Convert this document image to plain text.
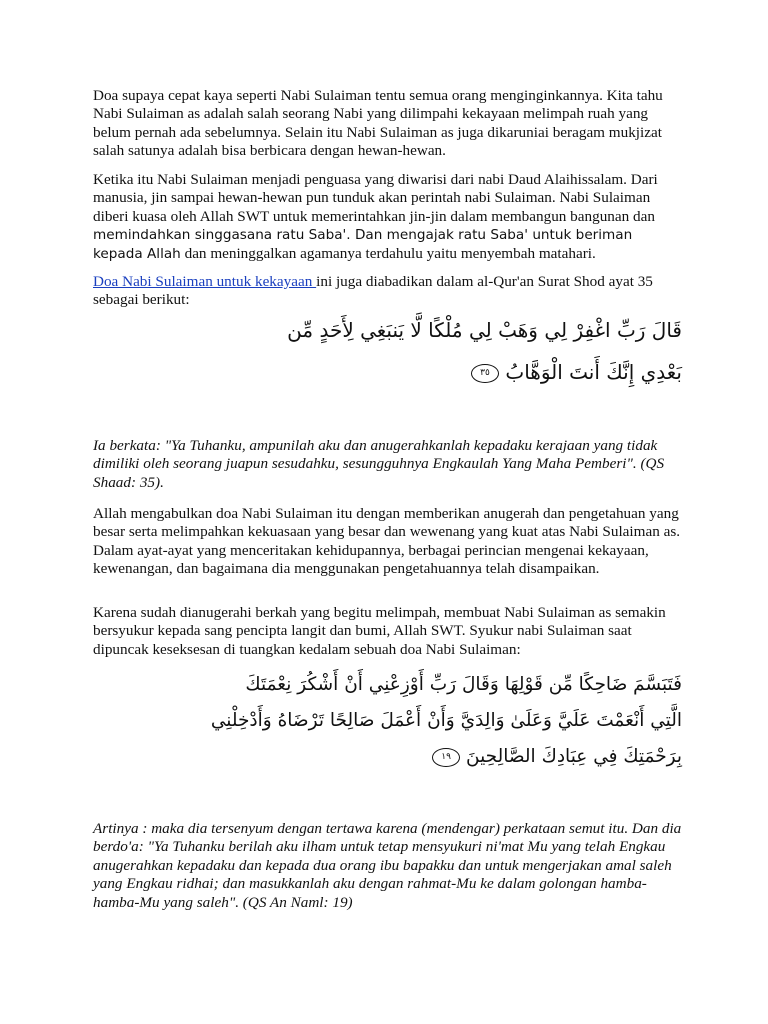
Doa supaya cepat kaya seperti Nabi Sulaiman tentu semua orang menginginkannya. Kita tahu Nabi Sulaiman as adalah salah seorang Nabi yang dilimpahi kekayaan melimpah ruah yang belum pernah ada sebelumnya. Selain itu Nabi Sulaiman as juga dikaruniai beragam mukjizat salah satunya adalah bisa berbicara dengan hewan-hewan.

Ketika itu Nabi Sulaiman menjadi penguasa yang diwarisi dari nabi Daud Alaihissalam. Dari manusia, jin sampai hewan-hewan pun tunduk akan perintah nabi Sulaiman. Nabi Sulaiman diberi kuasa oleh Allah SWT untuk memerintahkan jin-jin dalam membangun bangunan dan memindahkan singgasana ratu Saba'. Dan mengajak ratu Saba' untuk beriman kepada Allah dan meninggalkan agamanya terdahulu yaitu menyembah matahari.

Doa Nabi Sulaiman untuk kekayaan ini juga diabadikan dalam al-Qur'an Surat Shod ayat 35 sebagai berikut:

قَالَ رَبِّ اغْفِرْ لِي وَهَبْ لِي مُلْكًا لَّا يَنبَغِي لِأَحَدٍ مِّن
بَعْدِي إِنَّكَ أَنتَ الْوَهَّابُ ٣٥

Ia berkata: "Ya Tuhanku, ampunilah aku dan anugerahkanlah kepadaku kerajaan yang tidak dimiliki oleh seorang juapun sesudahku, sesungguhnya Engkaulah Yang Maha Pemberi". (QS Shaad: 35).

Allah mengabulkan doa Nabi Sulaiman itu dengan memberikan anugerah dan pengetahuan yang besar serta melimpahkan kekuasaan yang besar dan wewenang yang kuat atas Nabi Sulaiman as. Dalam ayat-ayat yang menceritakan kehidupannya, berbagai perincian mengenai kekayaan, kewenangan, dan bagaimana dia menggunakan pengetahuannya telah disampaikan.

Karena sudah dianugerahi berkah yang begitu melimpah, membuat Nabi Sulaiman as semakin bersyukur kepada sang pencipta langit dan bumi, Allah SWT. Syukur nabi Sulaiman saat dipuncak keseksesan di tuangkan kedalam sebuah doa Nabi Sulaiman:

فَتَبَسَّمَ ضَاحِكًا مِّن قَوْلِهَا وَقَالَ رَبِّ أَوْزِعْنِي أَنْ أَشْكُرَ نِعْمَتَكَ
الَّتِي أَنْعَمْتَ عَلَيَّ وَعَلَىٰ وَالِدَيَّ وَأَنْ أَعْمَلَ صَالِحًا تَرْضَاهُ وَأَدْخِلْنِي
بِرَحْمَتِكَ فِي عِبَادِكَ الصَّالِحِينَ ١٩

Artinya : maka dia tersenyum dengan tertawa karena (mendengar) perkataan semut itu. Dan dia berdo'a: "Ya Tuhanku berilah aku ilham untuk tetap mensyukuri ni'mat Mu yang telah Engkau anugerahkan kepadaku dan kepada dua orang ibu bapakku dan untuk mengerjakan amal saleh yang Engkau ridhai; dan masukkanlah aku dengan rahmat-Mu ke dalam golongan hamba-hamba-Mu yang saleh". (QS An Naml: 19)
